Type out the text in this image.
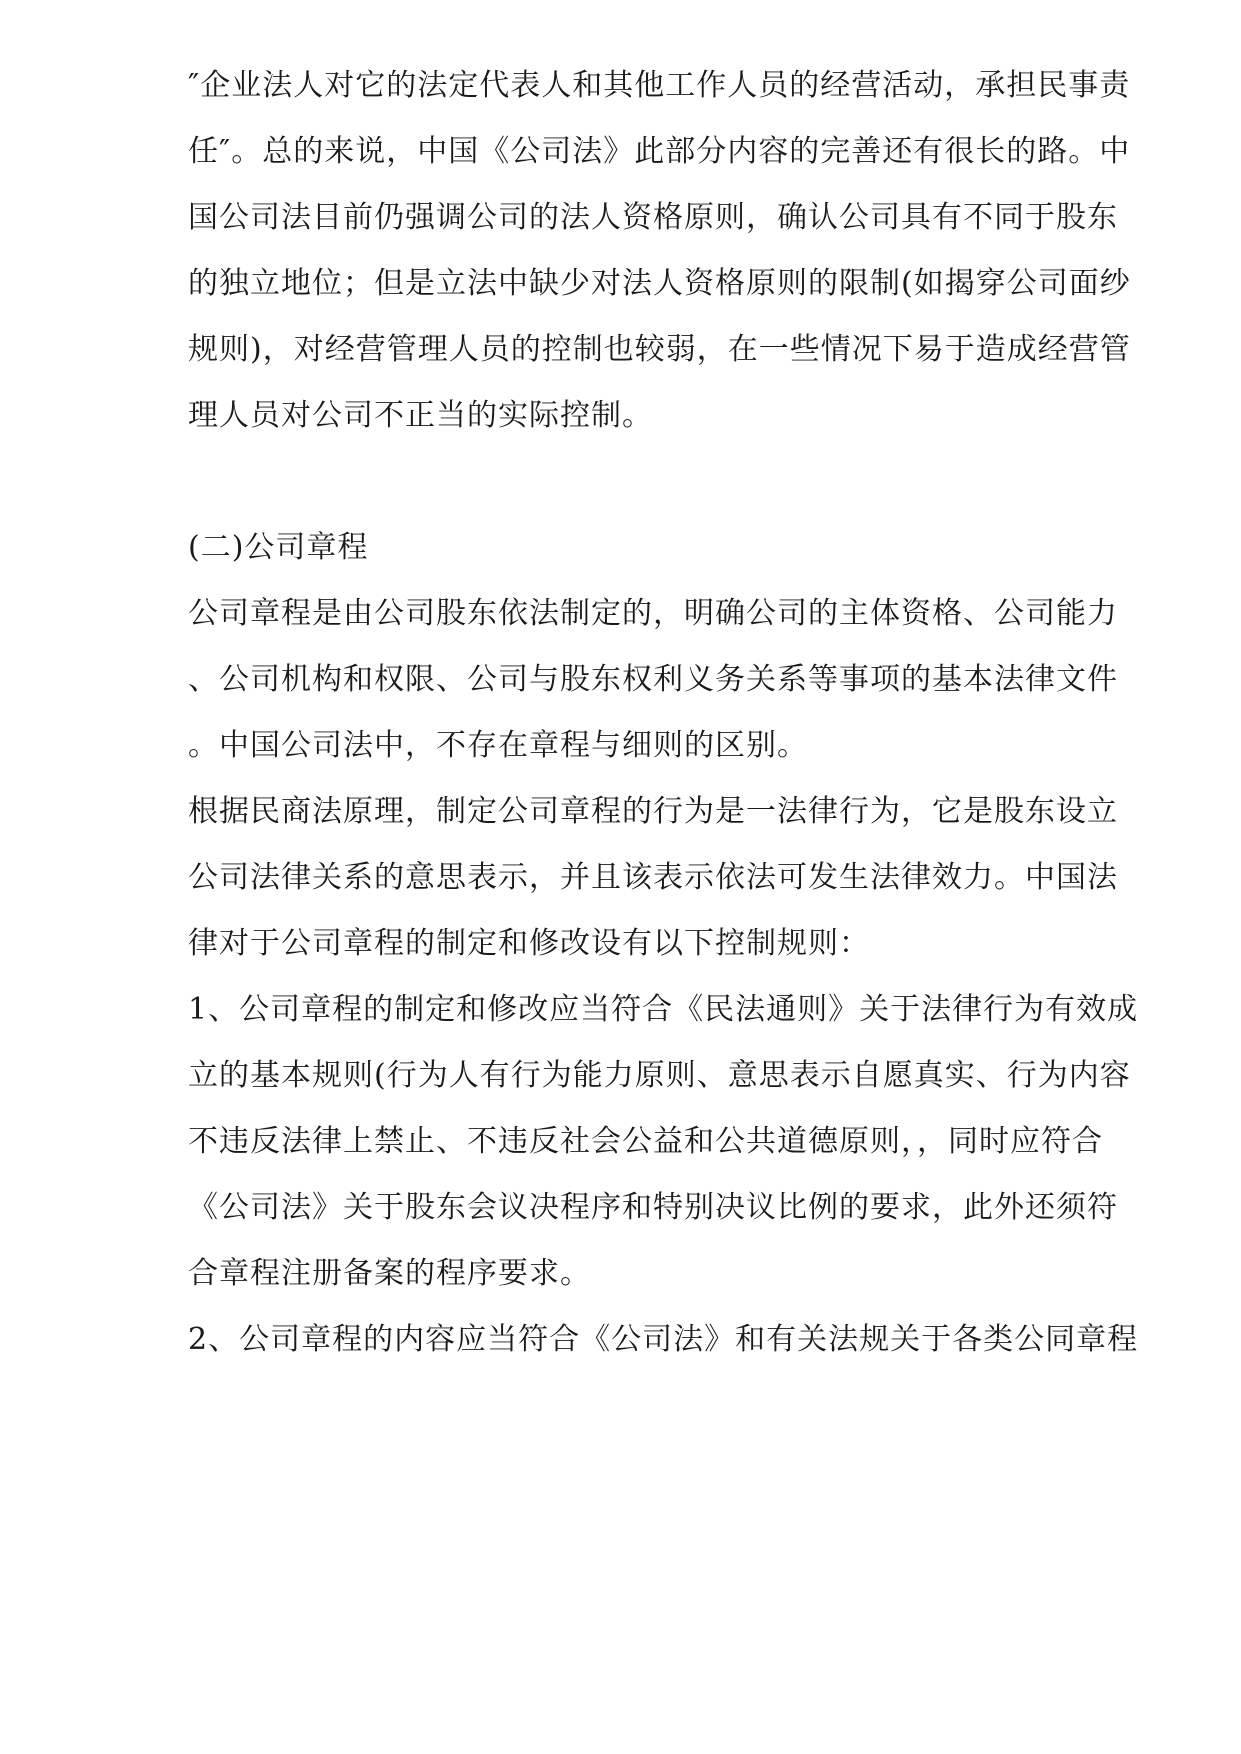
″企业法人对它的法定代表人和其他工作人员的经营活动，承担民事责
任″。总的来说，中国《公司法》此部分内容的完善还有很长的路。中
国公司法目前仍强调公司的法人资格原则，确认公司具有不同于股东
的独立地位；但是立法中缺少对法人资格原则的限制(如揭穿公司面纱
规则)，对经营管理人员的控制也较弱，在一些情况下易于造成经营管
理人员对公司不正当的实际控制。
(二)公司章程
公司章程是由公司股东依法制定的，明确公司的主体资格、公司能力
、公司机构和权限、公司与股东权利义务关系等事项的基本法律文件
。中国公司法中，不存在章程与细则的区别。
根据民商法原理，制定公司章程的行为是一法律行为，它是股东设立
公司法律关系的意思表示，并且该表示依法可发生法律效力。中国法
律对于公司章程的制定和修改设有以下控制规则：
1、公司章程的制定和修改应当符合《民法通则》关于法律行为有效成
立的基本规则(行为人有行为能力原则、意思表示自愿真实、行为内容
不违反法律上禁止、不违反社会公益和公共道德原则，，同时应符合
《公司法》关于股东会议决程序和特别决议比例的要求，此外还须符
合章程注册备案的程序要求。
2、公司章程的内容应当符合《公司法》和有关法规关于各类公同章程
